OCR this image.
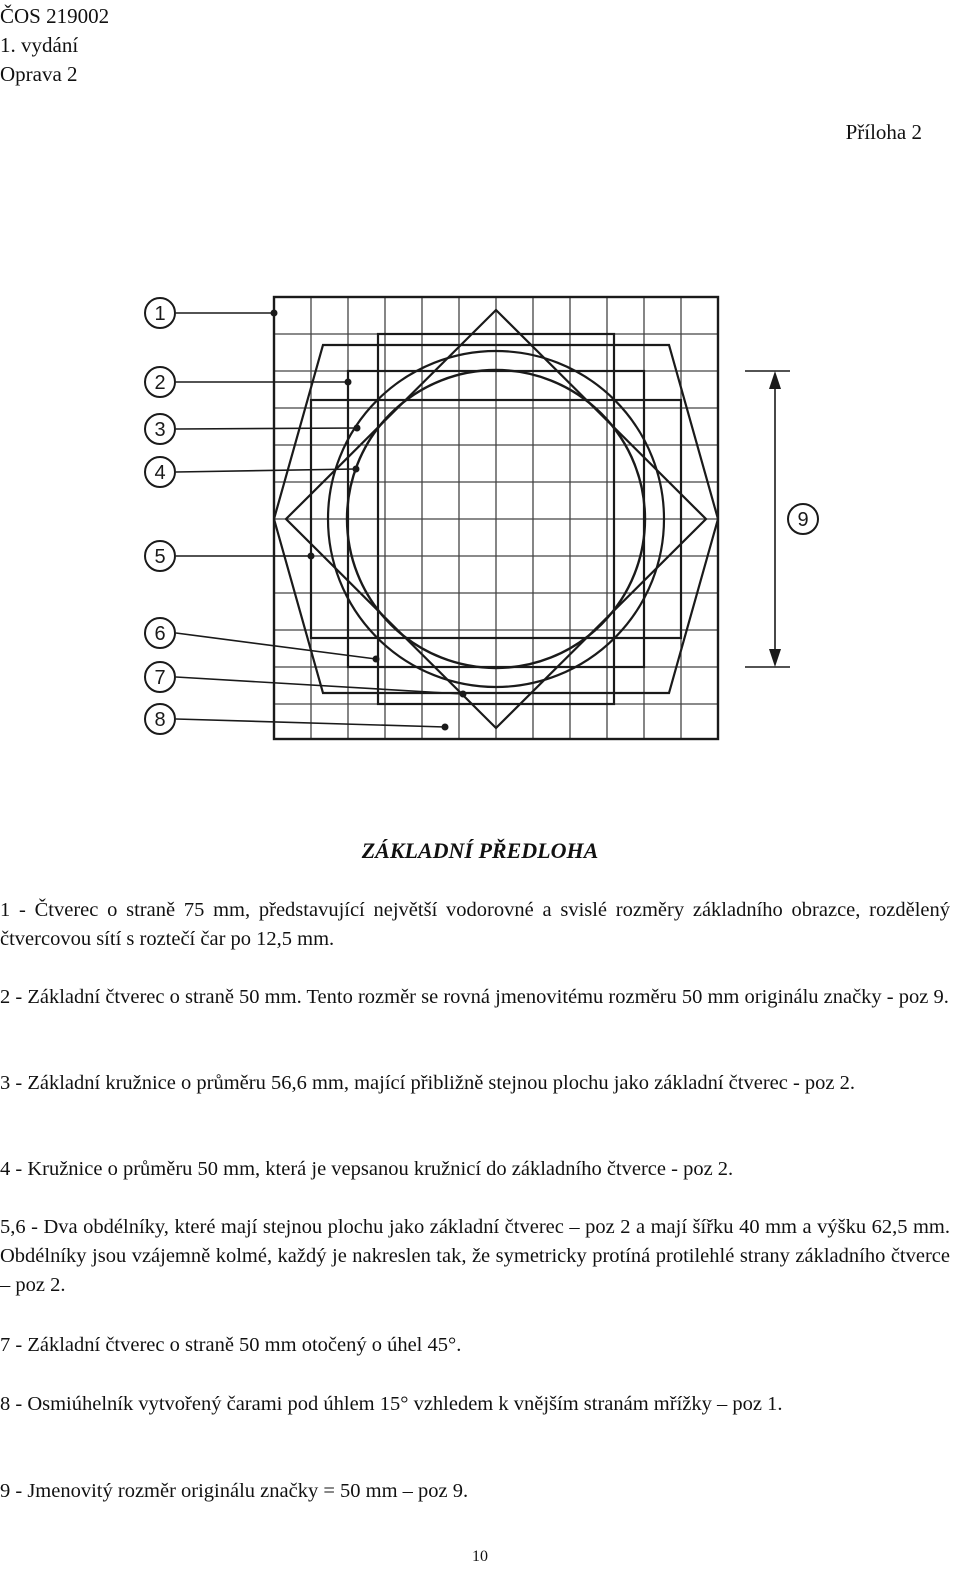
ČOS 219002
1. vydání
Oprava 2
Příloha 2
1
2
3
4
5
6
7
8
9
ZÁKLADNÍ PŘEDLOHA
1 - Čtverec o straně 75 mm, představující největší vodorovné a svislé rozměry základního obrazce, rozdělený čtvercovou sítí s roztečí čar po 12,5 mm.
2 - Základní čtverec o straně 50 mm. Tento rozměr se rovná jmenovitému rozměru 50 mm originálu značky - poz 9.
3 - Základní kružnice o průměru 56,6 mm, mající přibližně stejnou plochu jako základní čtverec - poz 2.
4 - Kružnice o průměru 50 mm, která je vepsanou kružnicí do základního čtverce - poz 2.
5,6 - Dva obdélníky, které mají stejnou plochu jako základní čtverec – poz 2 a mají šířku 40 mm a výšku 62,5 mm. Obdélníky jsou vzájemně kolmé, každý je nakreslen tak, že symetricky protíná protilehlé strany základního čtverce – poz 2.
7 - Základní čtverec o straně 50 mm otočený o úhel 45°.
8 - Osmiúhelník vytvořený čarami pod úhlem 15° vzhledem k vnějším stranám mřížky – poz 1.
9 - Jmenovitý rozměr originálu značky = 50 mm – poz 9.
10
